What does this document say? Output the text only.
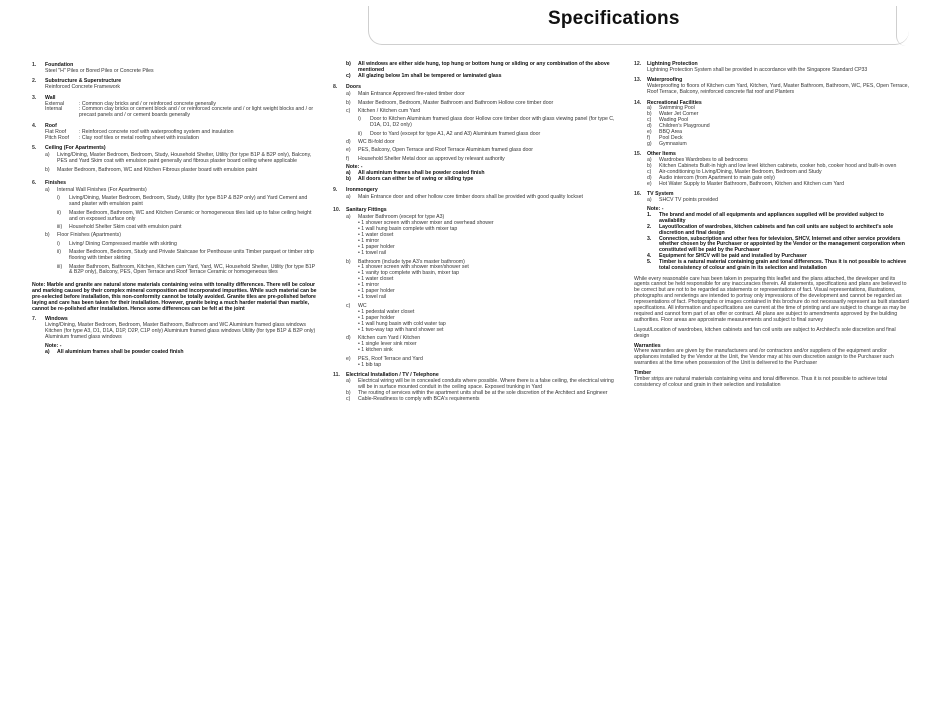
Specifications
1.	Foundation
Steel "H" Piles or Bored Piles or Concrete Piles
2.	Substructure & Superstructure
Reinforced Concrete Framework
3.	Wall
External	: Common clay bricks and / or reinforced concrete generally
Internal	: Common clay bricks or cement block and / or reinforced concrete and / or light weight blocks and / or precast panels and / or cement boards generally
4.	Roof
Flat Roof	: Reinforced concrete roof with waterproofing system and insulation
Pitch Roof	: Clay roof tiles or metal roofing sheet with insulation
5.	Ceiling (For Apartments)
a)	Living/Dining, Master Bedroom, Bedroom, Study, Household Shelter, Utility (for type B1P & B2P only), Balcony, PES and Yard Skim coat with emulsion paint generally and fibrous plaster board ceiling where applicable
b)	Master Bedroom, Bathroom, WC and Kitchen Fibrous plaster board with emulsion paint
6.	Finishes
a)	Internal Wall Finishes (For Apartments)
i)	Living/Dining, Master Bedroom, Bedroom, Study, Utility (for type B1P & B2P only) and Yard Cement and sand plaster with emulsion paint
ii)	Master Bedroom, Bathroom, WC and Kitchen Ceramic or homogeneous tiles laid up to false ceiling height and on exposed surface only
iii)	Household Shelter Skim coat with emulsion paint
b)	Floor Finishes (Apartments)
i)	Living/ Dining Compressed marble with skirting
ii)	Master Bedroom, Bedroom, Study and Private Staircase for Penthouse units Timber parquet or timber strip flooring with timber skirting
iii)	Master Bathroom, Bathroom, Kitchen, Kitchen cum Yard, Yard, WC, Household Shelter, Utility (for type B1P & B2P only), Balcony, PES, Open Terrace and Roof Terrace Ceramic or homogeneous tiles
Note: Marble and granite are natural stone materials containing veins with tonality differences. There will be colour and marking caused by their complex mineral composition and incorporated impurities. While such material can be pre-selected before installation, this non-conformity cannot be totally avoided. Granite tiles are pre-polished before laying and care has been taken for their installation. However, granite being a much harder material than marble, cannot be re-polished after installation. Hence some differences can be felt at the joint
7.	Windows
Living/Dining, Master Bedroom, Bedroom, Master Bathroom, Bathroom and WC Aluminium framed glass windows Kitchen (for type A3, D1, D1A, D1P, D2P, C1P only) Aluminium framed glass windows Utility (for type B1P & B2P only) Aluminium framed glass windows
Note: -
a)	All aluminium frames shall be powder coated finish
b)	All windows are either side hung, top hung or bottom hung or sliding or any combination of the above mentioned
c)	All glazing below 1m shall be tempered or laminated glass
8.	Doors
a)	Main Entrance Approved fire-rated timber door
b)	Master Bedroom, Bedroom, Master Bathroom and Bathroom Hollow core timber door
c)	Kitchen / Kitchen cum Yard
i)	Door to Kitchen Aluminium framed glass door Hollow core timber door with glass viewing panel (for type C, D1A, D1, D2 only)
ii)	Door to Yard (except for type A1, A2 and A3) Aluminium framed glass door
d)	WC Bi-fold door
e)	PES, Balcony, Open Terrace and Roof Terrace Aluminium framed glass door
f)	Household Shelter Metal door as approved by relevant authority
Note: -
a)	All aluminium frames shall be powder coated finish
b)	All doors can either be of swing or sliding type
9.	Ironmongery
a)	Main Entrance door and other hollow core timber doors shall be provided with good quality lockset
10.	Sanitary Fittings
a)	Master Bathroom (except for type A3)
• 1 shower screen with shower mixer and overhead shower
• 1 wall hung basin complete with mixer tap
• 1 water closet
• 1 mirror
• 1 paper holder
• 1 towel rail
b)	Bathroom (include type A3's master bathroom)
• 1 shower screen with shower mixer/shower set
• 1 vanity top complete with basin, mixer tap
• 1 water closet
• 1 mirror
• 1 paper holder
• 1 towel rail
c)	WC
• 1 pedestal water closet
• 1 paper holder
• 1 wall hung basin with cold water tap
• 1 two-way tap with hand shower set
d)	Kitchen cum Yard / Kitchen
• 1 single lever sink mixer
• 1 kitchen sink
e)	PES, Roof Terrace and Yard
• 1 bib tap
11.	Electrical Installation / TV / Telephone
a)	Electrical wiring will be in concealed conduits where possible. Where there is a false ceiling, the electrical wiring will be in surface mounted conduit in the ceiling space. Exposed trunking in Yard
b)	The routing of services within the apartment units shall be at the sole discretion of the Architect and Engineer
c)	Cable-Readiness to comply with BCA's requirements
12.	Lightning Protection
Lightning Protection System shall be provided in accordance with the Singapore Standard CP33
13.	Waterproofing
Waterproofing to floors of Kitchen cum Yard, Kitchen, Yard, Master Bathroom, Bathroom, WC, PES, Open Terrace, Roof Terrace, Balcony, reinforced concrete flat roof and Planters
14.	Recreational Facilities
a)	Swimming Pool
b)	Water Jet Corner
c)	Wading Pool
d)	Children's Playground
e)	BBQ Area
f)	Pool Deck
g)	Gymnasium
15.	Other Items
a)	Wardrobes Wardrobes to all bedrooms
b)	Kitchen Cabinets Built-in high and low level kitchen cabinets, cooker hob, cooker hood and built-in oven
c)	Air-conditioning to Living/Dining, Master Bedroom, Bedroom and Study
d)	Audio intercom (from Apartment to main gate only)
e)	Hot Water Supply to Master Bathroom, Bathroom, Kitchen and Kitchen cum Yard
16.	TV System
a)	SHCV TV points provided
Note: -
1.	The brand and model of all equipments and appliances supplied will be provided subject to availability
2.	Layout/location of wardrobes, kitchen cabinets and fan coil units are subject to architect's sole discretion and final design
3.	Connection, subscription and other fees for television, SHCV, Internet and other service providers whether chosen by the Purchaser or appointed by the Vendor or the management corporation when constituted will be paid by the Purchaser
4.	Equipment for SHCV will be paid and installed by Purchaser
5.	Timber is a natural material containing grain and tonal differences. Thus it is not possible to achieve total consistency of colour and grain in its selection and installation
While every reasonable care has been taken in preparing this leaflet and the plans attached, the developer and its agents cannot be held responsible for any inaccuracies therein. All statements, specifications and plans are believed to be correct but are not to be regarded as statements or representations of fact. Visual representations, illustrations, photographs and renderings are intended to portray only impressions of the development and cannot be regarded as representations of fact. Photographs or images contained in this brochure do not necessarily represent as built standard specifications. All information and specifications are current at the time of printing and are subject to change as may be required and cannot form part of an offer or contract. All plans are subject to amendments approved by the building authorities. Floor areas are approximate measurements and subject to final survey
Layout/Location of wardrobes, kitchen cabinets and fan coil units are subject to Architect's sole discretion and final design
Warranties
Where warranties are given by the manufacturers and /or contractors and/or suppliers of the equipment and/or appliances installed by the Vendor at the Unit, the Vendor may at his own discretion assign to the Purchaser such warranties at the time when possession of the Unit is delivered to the Purchaser
Timber
Timber strips are natural materials containing veins and tonal difference. Thus it is not possible to achieve total consistency of colour and grain in their selection and installation
